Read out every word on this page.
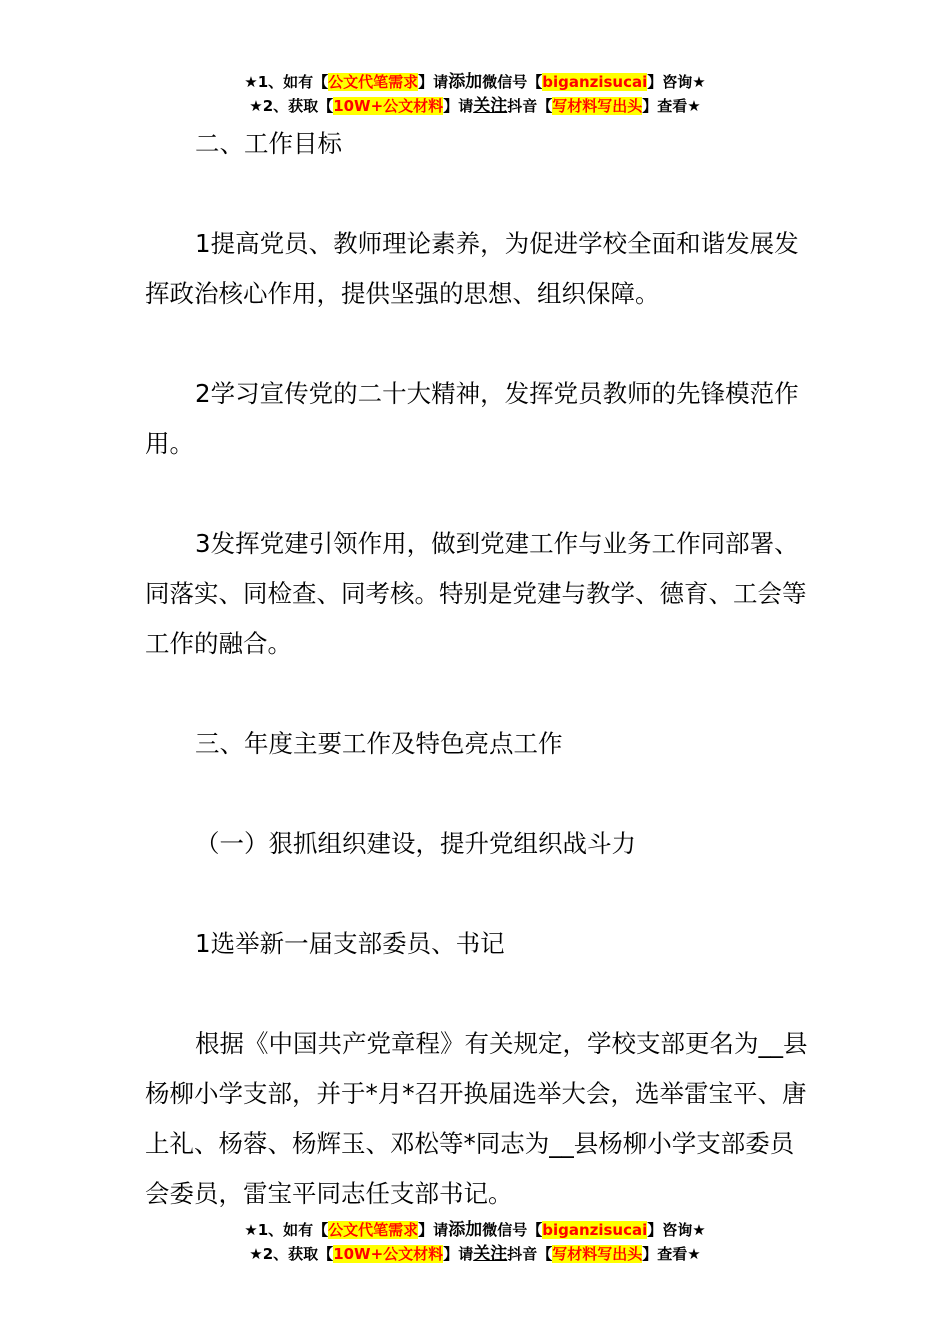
★1、如有【公文代笔需求】请添加微信号【biganzisucai】咨询★
★2、获取【10W+公文材料】请关注抖音【写材料写出头】查看★

二、工作目标

1提高党员、教师理论素养，为促进学校全面和谐发展发挥政治核心作用，提供坚强的思想、组织保障。

2学习宣传党的二十大精神，发挥党员教师的先锋模范作用。

3发挥党建引领作用，做到党建工作与业务工作同部署、同落实、同检查、同考核。特别是党建与教学、德育、工会等工作的融合。

三、年度主要工作及特色亮点工作

（一）狠抓组织建设，提升党组织战斗力

1选举新一届支部委员、书记

根据《中国共产党章程》有关规定，学校支部更名为__县杨柳小学支部，并于*月*召开换届选举大会，选举雷宝平、唐上礼、杨蓉、杨辉玉、邓松等*同志为__县杨柳小学支部委员会委员，雷宝平同志任支部书记。

★1、如有【公文代笔需求】请添加微信号【biganzisucai】咨询★
★2、获取【10W+公文材料】请关注抖音【写材料写出头】查看★
